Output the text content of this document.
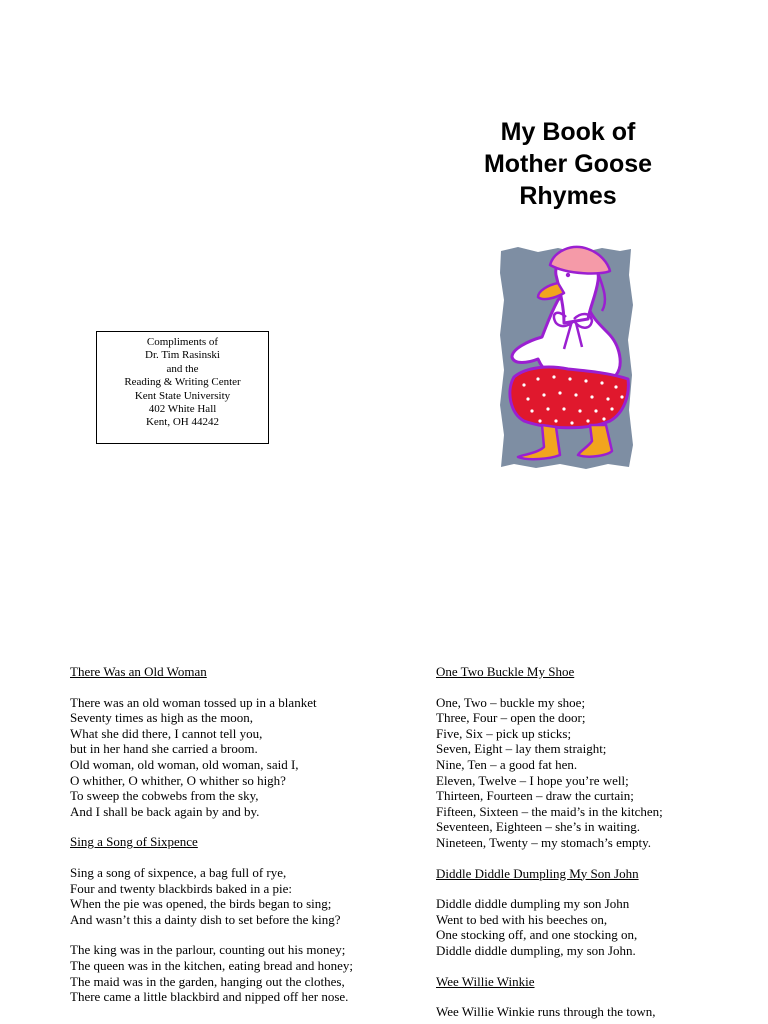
My Book of
Mother Goose
Rhymes
Compliments of
Dr. Tim Rasinski
and the
Reading & Writing Center
Kent State University
402 White Hall
Kent, OH 44242
There Was an Old Woman
There was an old woman tossed up in a blanket
Seventy times as high as the moon,
What she did there, I cannot tell you,
but in her hand she carried a broom.
Old woman, old woman, old woman, said I,
O whither, O whither, O whither so high?
To sweep the cobwebs from the sky,
And I shall be back again by and by.
Sing a Song of Sixpence
Sing a song of sixpence, a bag full of rye,
Four and twenty blackbirds baked in a pie:
When the pie was opened, the birds began to sing;
And wasn’t this a dainty dish to set before the king?
The king was in the parlour, counting out his money;
The queen was in the kitchen, eating bread and honey;
The maid was in the garden, hanging out the clothes,
There came a little blackbird and nipped off her nose.
One Two Buckle My Shoe
One, Two – buckle my shoe;
Three, Four – open the door;
Five, Six – pick up sticks;
Seven, Eight – lay them straight;
Nine, Ten – a good fat hen.
Eleven, Twelve – I hope you’re well;
Thirteen, Fourteen – draw the curtain;
Fifteen, Sixteen – the maid’s in the kitchen;
Seventeen, Eighteen – she’s in waiting.
Nineteen, Twenty – my stomach’s empty.
Diddle Diddle Dumpling My Son John
Diddle diddle dumpling my son John
Went to bed with his beeches on,
One stocking off, and one stocking on,
Diddle diddle dumpling, my son John.
Wee Willie Winkie
Wee Willie Winkie runs through the town,
